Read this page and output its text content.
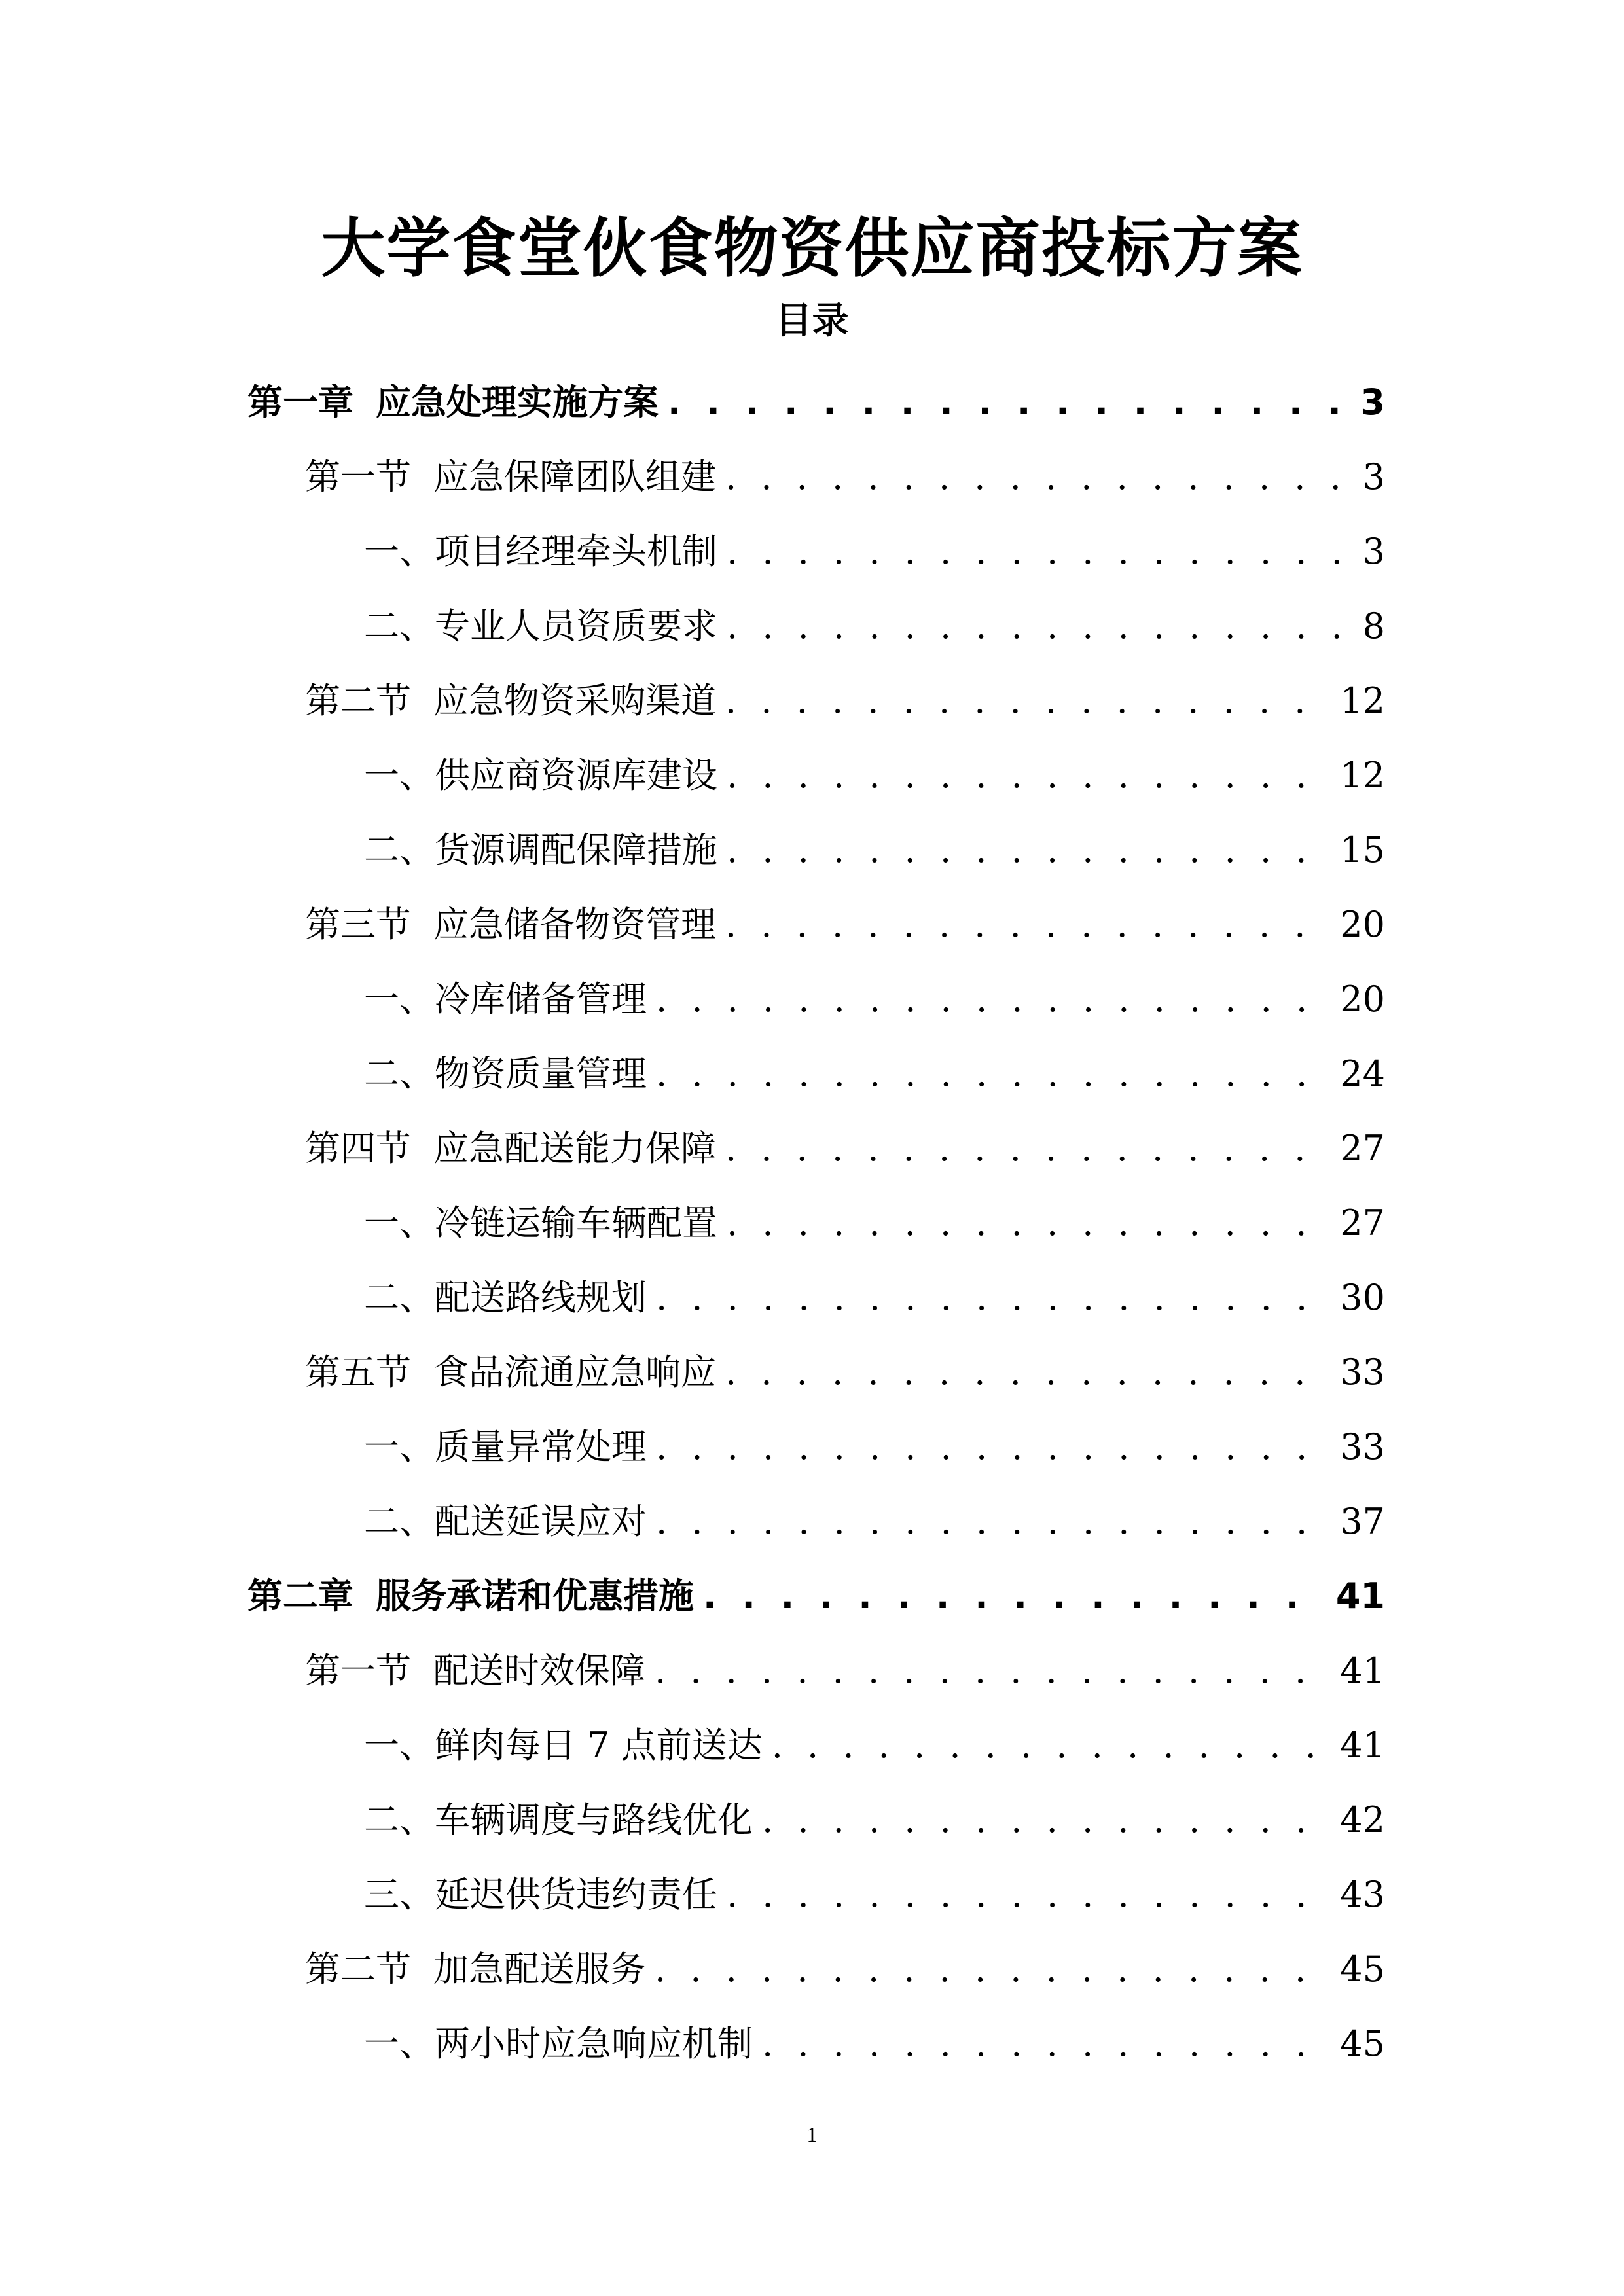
大学食堂伙食物资供应商投标方案
目录
第一章 应急处理实施方案 . . .	3
第一节 应急保障团队组建 . . .	3
一、项目经理牵头机制 . . .	3
二、专业人员资质要求 . . .	8
第二节 应急物资采购渠道 . . .	12
一、供应商资源库建设 . . .	12
二、货源调配保障措施 . . .	15
第三节 应急储备物资管理 . . .	20
一、冷库储备管理 . . .	20
二、物资质量管理 . . .	24
第四节 应急配送能力保障 . . .	27
一、冷链运输车辆配置 . . .	27
二、配送路线规划 . . .	30
第五节 食品流通应急响应 . . .	33
一、质量异常处理 . . .	33
二、配送延误应对 . . .	37
第二章 服务承诺和优惠措施 . . .	41
第一节 配送时效保障 . . .	41
一、鲜肉每日 7 点前送达 . . .	41
二、车辆调度与路线优化 . . .	42
三、延迟供货违约责任 . . .	43
第二节 加急配送服务 . . .	45
一、两小时应急响应机制 . . .	45
1
